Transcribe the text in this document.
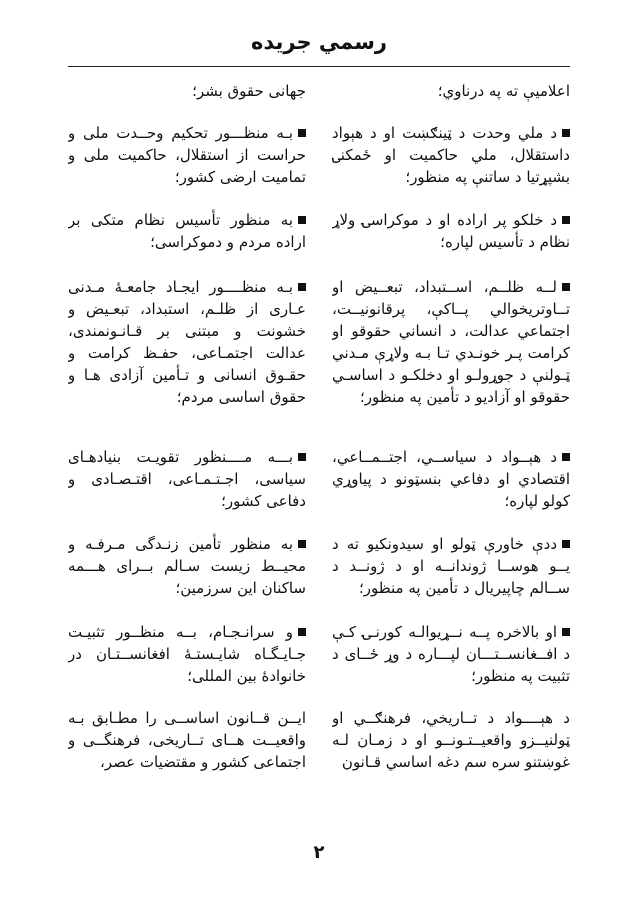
رسمي جريده
جهانی حقوق بشر؛	اعلاميې ته په درناوي؛
بـه منظـــور تحکیم وحــدت ملی و حراست از استقلال، حاکمیت ملی و تمامیت ارضی کشور؛
د ملي وحدت د ټينګښت او د هېواد داستقلال، ملي حاکميت او ځمکنۍ بشپړتيا د ساتنې په منظور؛
به منظور تأسیس نظام متکی بر اراده مردم و دموکراسی؛
د خلکو پر اراده او د موکراسۍ ولاړ نظام د تأسيس لپاره؛
بـه منظــــور ایجـاد جامعـۀ مـدنی عـاری از ظلـم، استبداد، تبعـیض و خشونت و مبتنی بر قـانـونمندی، عدالت اجتمـاعی، حفـظ کرامت و حقـوق انسانی و تـأمین آزادی هـا و حقوق اساسی مردم؛
لــه ظلــم، اســتبداد، تبعــيض او تــاوتريخوالي پــاکې، پرقانونيــت، اجتماعي عدالت، د انساني حقوقو او کرامت پـر خونـدي تـا بـه ولاړې مـدني ټـولنې د جوړولـو او دخلکـو د اساسـي حقوقو او آزاديو د تأمين په منظور؛
بـــه مــــنظور تقويـت بنيادهـای سیاسی، اجـتـمـاعی، اقتـصـادی و دفاعی کشور؛
د هېــواد د سياســي، اجتــمــاعي، اقتصادي او دفاعي بنسټونو د پياوړي کولو لپاره؛
به منظور تأمین زنـدگی مـرفـه و محیــط زیست سـالم بــرای هـــمه ساکنان این سرزمین؛
ددې خاورې ټولو او سيدونکيو ته د يــو هوســا ژوندانــه او د ژونــد د ســالم چاپيريال د تأمين په منظور؛
و سرانـجـام، بــه منظــور تثبیـت جـایـگـاه شایـستـۀ افغانســتـان در خانوادۀ بین المللی؛
او بالاخره پــه نــړيوالـه کورنـۍ کـې د افــغانســتـــان لپـــاره د وړ ځــاى د تثبيت په منظور؛
ایــن قــانون اساســی را مطـابق بـه واقعیــت هــای تــاريخی، فرهنگــی و اجتماعی کشور و مقتضیات عصر،
د هېــــواد د تــاريخي، فرهنګــي او ټولنيــزو واقعيــتـونــو او د زمـان لـه غوښتنو سره سم دغه اساسي قـانون
٢
